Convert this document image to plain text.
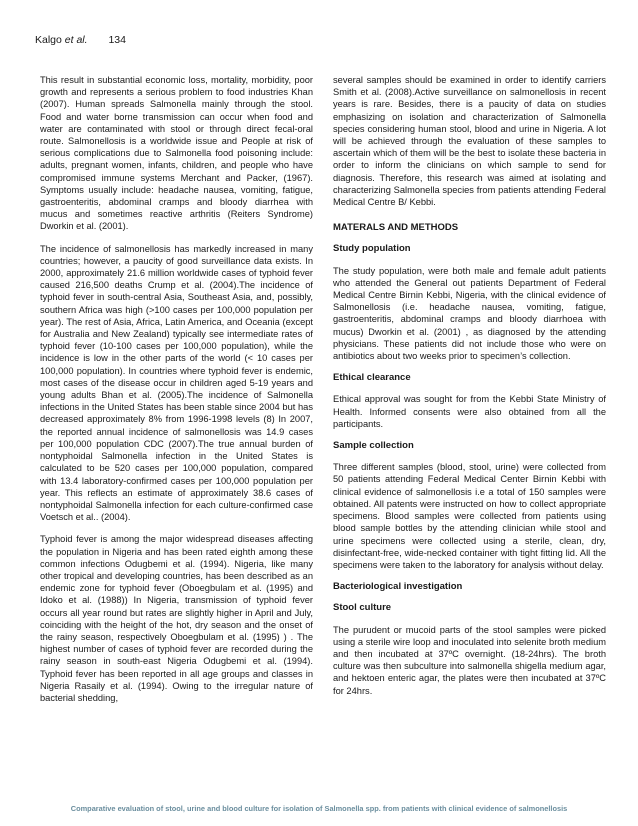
Kalgo et al. 134

This result in substantial economic loss, mortality, morbidity, poor growth and represents a serious problem to food industries Khan (2007). Human spreads Salmonella mainly through the stool. Food and water borne transmission can occur when food and water are contaminated with stool or through direct fecal-oral route. Salmonellosis is a worldwide issue and People at risk of serious complications due to Salmonella food poisoning include: adults, pregnant women, infants, children, and people who have compromised immune systems Merchant and Packer, (1967). Symptoms usually include: headache nausea, vomiting, fatigue, gastroenteritis, abdominal cramps and bloody diarrhea with mucus and sometimes reactive arthritis (Reiters Syndrome) Dworkin et al. (2001).

The incidence of salmonellosis has markedly increased in many countries; however, a paucity of good surveillance data exists. In 2000, approximately 21.6 million worldwide cases of typhoid fever caused 216,500 deaths Crump et al. (2004).The incidence of typhoid fever in south-central Asia, Southeast Asia, and, possibly, southern Africa was high (>100 cases per 100,000 population per year). The rest of Asia, Africa, Latin America, and Oceania (except for Australia and New Zealand) typically see intermediate rates of typhoid fever (10-100 cases per 100,000 population), while the incidence is low in the other parts of the world (< 10 cases per 100,000 population). In countries where typhoid fever is endemic, most cases of the disease occur in children aged 5-19 years and young adults Bhan et al. (2005).The incidence of Salmonella infections in the United States has been stable since 2004 but has decreased approximately 8% from 1996-1998 levels (8) In 2007, the reported annual incidence of salmonellosis was 14.9 cases per 100,000 population CDC (2007).The true annual burden of nontyphoidal Salmonella infection in the United States is calculated to be 520 cases per 100,000 population, compared with 13.4 laboratory-confirmed cases per 100,000 population per year. This reflects an estimate of approximately 38.6 cases of nontyphoidal Salmonella infection for each culture-confirmed case Voetsch et al.. (2004).

Typhoid fever is among the major widespread diseases affecting the population in Nigeria and has been rated eighth among these common infections Odugbemi et al. (1994). Nigeria, like many other tropical and developing countries, has been described as an endemic zone for typhoid fever (Oboegbulam et al. (1995) and Idoko et al. (1988)) In Nigeria, transmission of typhoid fever occurs all year round but rates are slightly higher in April and July, coinciding with the height of the hot, dry season and the onset of the rainy season, respectively Oboegbulam et al. (1995) ) . The highest number of cases of typhoid fever are recorded during the rainy season in south-east Nigeria Odugbemi et al. (1994). Typhoid fever has been reported in all age groups and classes in Nigeria Rasaily et al. (1994). Owing to the irregular nature of bacterial shedding,

several samples should be examined in order to identify carriers Smith et al. (2008).Active surveillance on salmonellosis in recent years is rare. Besides, there is a paucity of data on studies emphasizing on isolation and characterization of Salmonella species considering human stool, blood and urine in Nigeria. A lot will be achieved through the evaluation of these samples to ascertain which of them will be the best to isolate these bacteria in order to inform the clinicians on which sample to send for diagnosis. Therefore, this research was aimed at isolating and characterizing Salmonella species from patients attending Federal Medical Centre B/ Kebbi.

MATERALS AND METHODS
Study population

The study population, were both male and female adult patients who attended the General out patients Department of Federal Medical Centre Birnin Kebbi, Nigeria, with the clinical evidence of Salmonellosis (i.e. headache nausea, vomiting, fatigue, gastroenteritis, abdominal cramps and bloody diarrhoea with mucus) Dworkin et al. (2001) , as diagnosed by the attending physicians. These patients did not include those who were on antibiotics about two weeks prior to specimen’s collection.

Ethical clearance

Ethical approval was sought for from the Kebbi State Ministry of Health. Informed consents were also obtained from all the participants.

Sample collection

Three different samples (blood, stool, urine) were collected from 50 patients attending Federal Medical Center Birnin Kebbi with clinical evidence of salmonellosis i.e a total of 150 samples were obtained. All patents were instructed on how to collect appropriate specimens. Blood samples were collected from patients using blood sample bottles by the attending clinician while stool and urine specimens were collected using a sterile, clean, dry, disinfectant-free, wide-necked container with tight fitting lid. All the specimens were taken to the laboratory for analysis without delay.

Bacteriological investigation
Stool culture

The purudent or mucoid parts of the stool samples were picked using a sterile wire loop and inoculated into selenite broth medium and then incubated at 37ºC overnight. (18-24hrs). The broth culture was then subculture into salmonella shigella medium agar, and hektoen enteric agar, the plates were then incubated at 37ºC for 24hrs.

Comparative evaluation of stool, urine and blood culture for isolation of Salmonella spp. from patients with clinical evidence of salmonellosis
